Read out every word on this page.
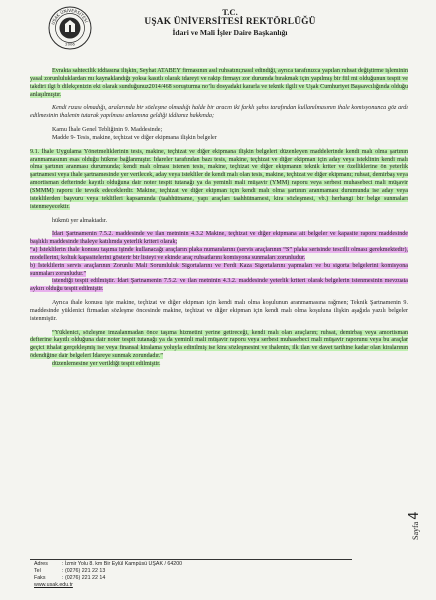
UŞAK ÜNİVERSİTESİ
2006
T.C.
UŞAK ÜNİVERSİTESİ REKTÖRLÜĞÜ
İdari ve Mali İşler Daire Başkanlığı

Evrakta sahtecilik iddiasına ilişkin, Seyhat ATABEY firmasının asıl ruhsatını;nasıl edindiği, ayrıca tarafınızca yapılan ruhsat değiştirme işleminin yasal zorunluluklardan mı kaynaklandığı yoksa kasıtlı olarak idareyi ve rakip firmayı zor durumda bırakmak için yapılmış bir fiil mi olduğunun tespit ve takdiri ilgi b dilekçenizin eki olarak sunduğunuz2014/468 soruşturma no’lu dosyadaki kararla ve teknik ilgili ve Uşak Cumhuriyet Başsavcılığında olduğu anlaşılmıştır.

Kendi rızası olmadığı, aralarında bir sözleşme olmadığı halde bir aracın iki farklı şahıs tarafından kullanılmasının ihale komisyonunca göz ardı edilmesinin ihalenin tutarak yapılması anlamına geldiği iddianız hakkında;

Kamu İhale Genel Tebliğinin 9. Maddesinde;

Madde 9- Tesis, makine, teçhizat ve diğer ekipmana ilişkin belgeler

9.1. İhale Uygulama Yönetmeliklerinin tesis, makine, teçhizat ve diğer ekipmana ilişkin belgeleri düzenleyen maddelerinde kendi malı olma şartının aranmamasının esas olduğu hükme bağlanmıştır. İdareler tarafından bazı tesis, makine, teçhizat ve diğer ekipman için aday veya isteklinin kendi malı olma şartının aranması durumunda; kendi malı olması istenen tesis, makine, teçhizat ve diğer ekipmanın teknik kriter ve özelliklerine ön yeterlik şartnamesi veya ihale şartnamesinde yer verilecek, aday veya istekliler de kendi malı olan tesis, makine, teçhizat ve diğer ekipmanı; ruhsat, demirbaş veya amortisman defterinde kayıtlı olduğuna dair noter tespit tutanağı ya da yeminli mali müşavir (YMM) raporu veya serbest muhasebeci mali müşavir (SMMM) raporu ile tevsik edeceklerdir. Makine, teçhizat ve diğer ekipman için kendi malı olma şartının aranmaması durumunda ise aday veya isteklilerden başvuru veya teklifleri kapsamında (taahhütname, yapı araçları taahhütnamesi, kira sözleşmesi, vb.) herhangi bir belge sunmaları istenmeyecektir.

hükmü yer almaktadır.

İdari Şartnamenin 7.5.2. maddesinde ve ilan metninin 4.3.2 Makine, teçhizat ve diğer ekipmana ait belgeler ve kapasite raporu maddesinde başlıklı maddesinde ihaleye katılımda yeterlik kriteri olarak;

“a) İsteklilerin ihale konusu taşıma işinde kullanacağı araçların plaka numaralarını (servis araçlarının “S” plaka serisinde tescilli olması gerekmektedir), modellerini, koltuk kapasitelerini gösterir bir listeyi ve ekinde araç ruhsatlarını komisyona sunmaları zorunludur.

b) İsteklilerin servis araçlarının Zorunlu Mali Sorumluluk Sigortalarını ve Ferdi Kaza Sigortalarını yapmaları ve bu sigorta belgelerini komisyona sunmaları zorunludur.”

istendiği tespit edilmiştir. İdari Şartnamenin 7.5.2. ve ilan metninin 4.3.2. maddesinde yeterlik kriteri olarak belgelerin istenmesinin mevzuata aykırı olduğu tespit edilmiştir.

Ayrıca ihale konusu işte makine, teçhizat ve diğer ekipman için kendi malı olma koşulunun aranmamasına rağmen; Teknik Şartnamenin 9. maddesinde yüklenici firmadan sözleşme öncesinde makine, teçhizat ve diğer ekipman için kendi malı olma koşuluna ilişkin aşağıda yazılı belgeler istenmiştir.

“Yüklenici, sözleşme imzalanmadan önce taşıma hizmetini yerine getireceği, kendi malı olan araçların; ruhsat, demirbaş veya amortisman defterine kayıtlı olduğuna dair noter tespit tutanağı ya da yeminli mali müşavir raporu veya serbest muhasebeci mali müşavir raporunu veya bu araçlar geçici ithalat gerçekleşmiş ise veya finansal kiralama yoluyla edinilmiş ise kira sözleşmesini ve ihalenin, ilk ilan ve davet tarihine kadar olan kiralarının ödendiğine dair belgeleri İdareye sunmak zorundadır.”

düzenlemesine yer verildiği tespit edilmiştir.

Sayfa 4
Adres	: İzmir Yolu 8. km Bir Eylül Kampüsü UŞAK / 64200
Tel	: (0276) 221 22 13
Faks	: (0276) 221 22 14
www.usak.edu.tr
